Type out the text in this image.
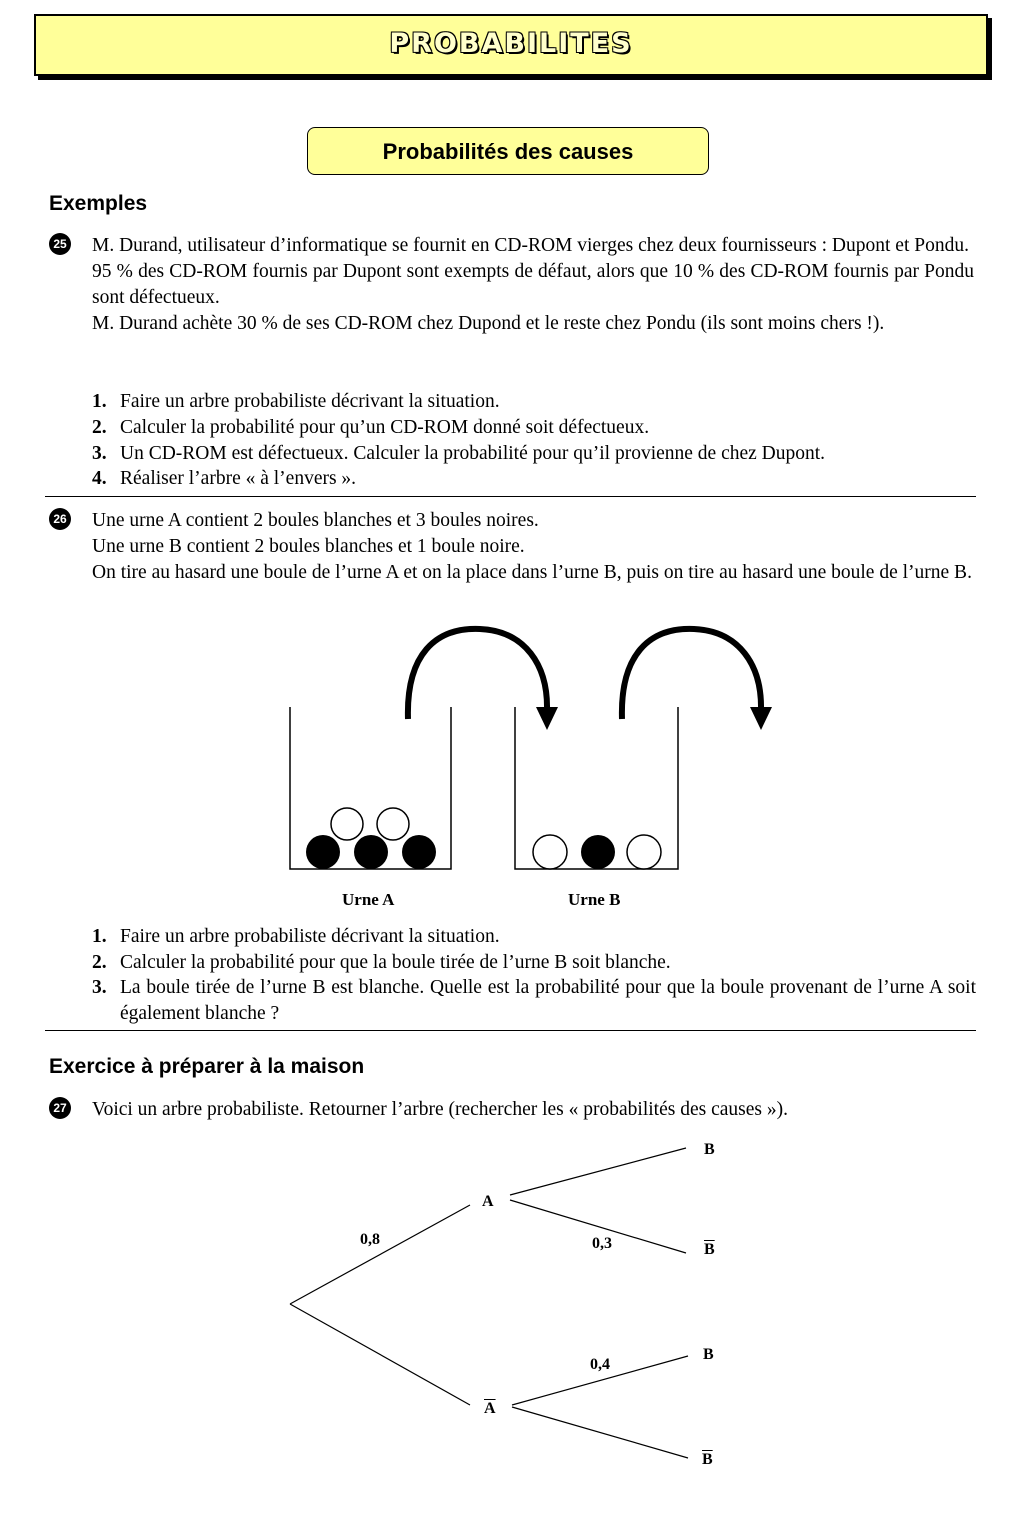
PROBABILITES
Probabilités des causes
Exemples
25 M. Durand, utilisateur d’informatique se fournit en CD-ROM vierges chez deux fournisseurs : Dupont et Pondu.

95 % des CD-ROM fournis par Dupont sont exempts de défaut, alors que 10 % des CD-ROM fournis par Pondu sont défectueux.

M. Durand achète 30 % de ses CD-ROM chez Dupond et le reste chez Pondu (ils sont moins chers !).

1. Faire un arbre probabiliste décrivant la situation.
2. Calculer la probabilité pour qu’un CD-ROM donné soit défectueux.
3. Un CD-ROM est défectueux. Calculer la probabilité pour qu’il provienne de chez Dupont.
4. Réaliser l’arbre « à l’envers ».
26 Une urne A contient 2 boules blanches et 3 boules noires.

Une urne B contient 2 boules blanches et 1 boule noire.

On tire au hasard une boule de l’urne A et on la place dans l’urne B, puis on tire au hasard une boule de l’urne B.

Urne A	Urne B
1. Faire un arbre probabiliste décrivant la situation.
2. Calculer la probabilité pour que la boule tirée de l’urne B soit blanche.
3. La boule tirée de l’urne B est blanche. Quelle est la probabilité pour que la boule provenant de l’urne A soit également blanche ?
Exercice à préparer à la maison
27 Voici un arbre probabiliste. Retourner l’arbre (rechercher les « probabilités des causes »).
A
$\overline{A}$
B
$\overline{B}$
B
$\overline{B}$
0,8	0,3
0,4
